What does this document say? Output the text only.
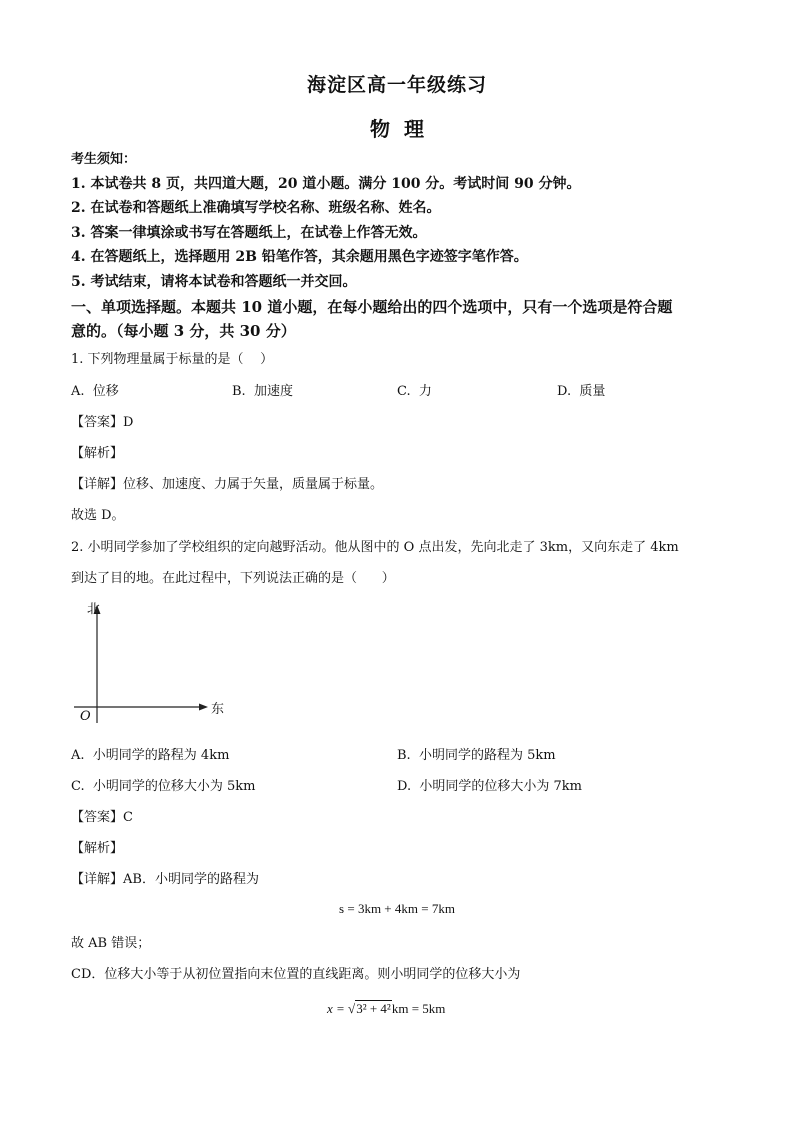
海淀区高一年级练习
物  理
考生须知：
1. 本试卷共 8 页，共四道大题，20 道小题。满分 100 分。考试时间 90 分钟。
2. 在试卷和答题纸上准确填写学校名称、班级名称、姓名。
3. 答案一律填涂或书写在答题纸上，在试卷上作答无效。
4. 在答题纸上，选择题用 2B 铅笔作答，其余题用黑色字迹签字笔作答。
5. 考试结束，请将本试卷和答题纸一并交回。
一、单项选择题。本题共 10 道小题，在每小题给出的四个选项中，只有一个选项是符合题
意的。（每小题 3 分，共 30 分）
1. 下列物理量属于标量的是（    ）
A.  位移	B.  加速度	C.  力	D.  质量
【答案】D
【解析】
【详解】位移、加速度、力属于矢量，质量属于标量。
故选 D。
2. 小明同学参加了学校组织的定向越野活动。他从图中的 O 点出发，先向北走了 3km，又向东走了 4km
到达了目的地。在此过程中，下列说法正确的是（      ）
北
东
O
A.  小明同学的路程为 4km	B.  小明同学的路程为 5km
C.  小明同学的位移大小为 5km	D.  小明同学的位移大小为 7km
【答案】C
【解析】
【详解】AB．小明同学的路程为
s = 3km + 4km = 7km
故 AB 错误；
CD．位移大小等于从初位置指向末位置的直线距离。则小明同学的位移大小为
x = √3² + 4²km = 5km
